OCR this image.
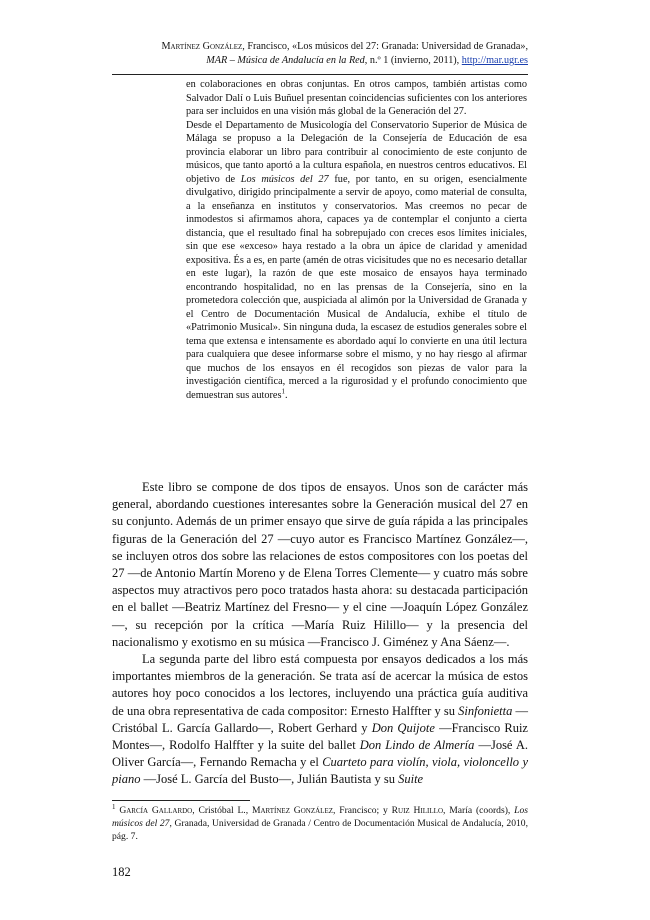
Martínez González, Francisco, «Los músicos del 27: Granada: Universidad de Granada»,
MAR – Música de Andalucía en la Red, n.º 1 (invierno, 2011), http://mar.ugr.es

en colaboraciones en obras conjuntas. En otros campos, también artistas como Salvador Dalí o Luis Buñuel presentan coincidencias suficientes con los anteriores para ser incluidos en una visión más global de la Generación del 27.

Desde el Departamento de Musicología del Conservatorio Superior de Música de Málaga se propuso a la Delegación de la Consejería de Educación de esa provincia elaborar un libro para contribuir al conocimiento de este conjunto de músicos, que tanto aportó a la cultura española, en nuestros centros educativos. El objetivo de Los músicos del 27 fue, por tanto, en su origen, esencialmente divulgativo, dirigido principalmente a servir de apoyo, como material de consulta, a la enseñanza en institutos y conservatorios. Mas creemos no pecar de inmodestos si afirmamos ahora, capaces ya de contemplar el conjunto a cierta distancia, que el resultado final ha sobrepujado con creces esos límites iniciales, sin que ese «exceso» haya restado a la obra un ápice de claridad y amenidad expositiva. És a es, en parte (amén de otras vicisitudes que no es necesario detallar en este lugar), la razón de que este mosaico de ensayos haya terminado encontrando hospitalidad, no en las prensas de la Consejería, sino en la prometedora colección que, auspiciada al alimón por la Universidad de Granada y el Centro de Documentación Musical de Andalucía, exhibe el título de «Patrimonio Musical». Sin ninguna duda, la escasez de estudios generales sobre el tema que extensa e intensamente es abordado aquí lo convierte en una útil lectura para cualquiera que desee informarse sobre el mismo, y no hay riesgo al afirmar que muchos de los ensayos en él recogidos son piezas de valor para la investigación científica, merced a la rigurosidad y el profundo conocimiento que demuestran sus autores$^1$.

Este libro se compone de dos tipos de ensayos. Unos son de carácter más general, abordando cuestiones interesantes sobre la Generación musical del 27 en su conjunto. Además de un primer ensayo que sirve de guía rápida a las principales figuras de la Generación del 27 —cuyo autor es Francisco Martínez González—, se incluyen otros dos sobre las relaciones de estos compositores con los poetas del 27 —de Antonio Martín Moreno y de Elena Torres Clemente— y cuatro más sobre aspectos muy atractivos pero poco tratados hasta ahora: su destacada participación en el ballet —Beatriz Martínez del Fresno— y el cine —Joaquín López González—, su recepción por la crítica —María Ruiz Hilillo— y la presencia del nacionalismo y exotismo en su música —Francisco J. Giménez y Ana Sáenz—.

La segunda parte del libro está compuesta por ensayos dedicados a los más importantes miembros de la generación. Se trata así de acercar la música de estos autores hoy poco conocidos a los lectores, incluyendo una práctica guía auditiva de una obra representativa de cada compositor: Ernesto Halffter y su Sinfonietta —Cristóbal L. García Gallardo—, Robert Gerhard y Don Quijote —Francisco Ruiz Montes—, Rodolfo Halffter y la suite del ballet Don Lindo de Almería —José A. Oliver García—, Fernando Remacha y el Cuarteto para violín, viola, violoncello y piano —José L. García del Busto—, Julián Bautista y su Suite

$^1$ García Gallardo, Cristóbal L., Martínez González, Francisco; y Ruiz Hilillo, María (coords), Los músicos del 27, Granada, Universidad de Granada / Centro de Documentación Musical de Andalucía, 2010, pág. 7.
182
